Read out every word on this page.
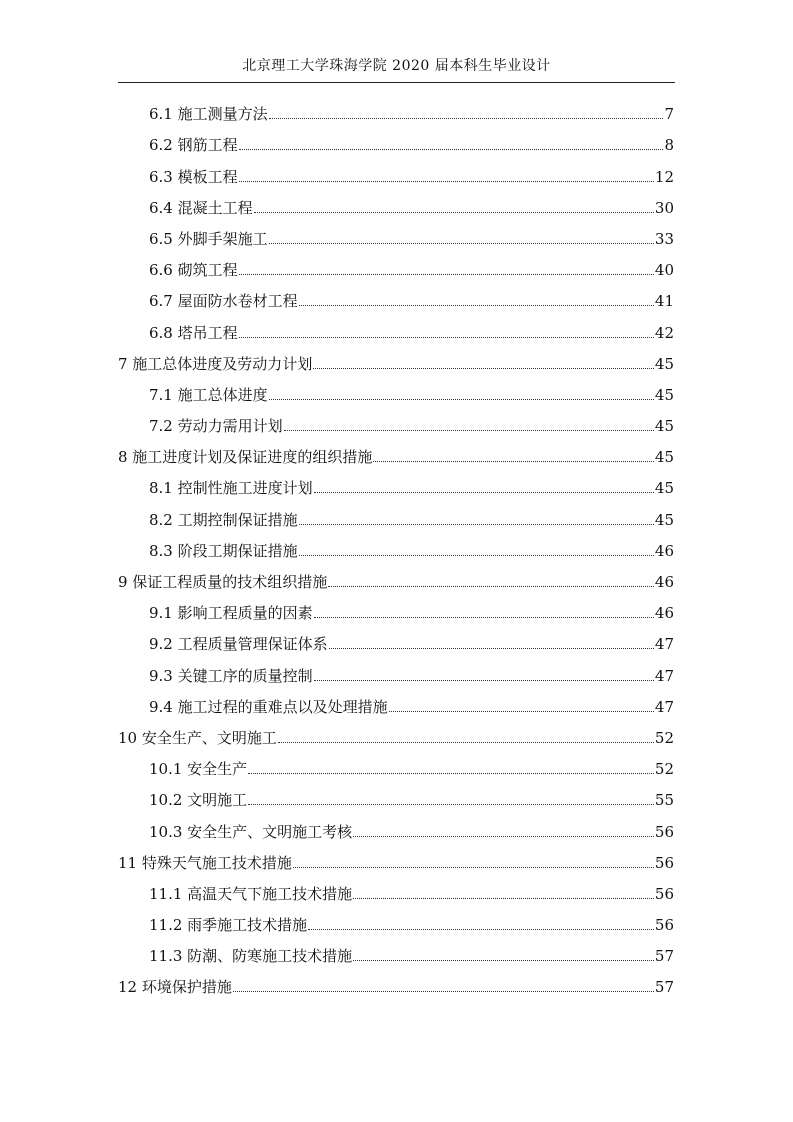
北京理工大学珠海学院 2020 届本科生毕业设计
6.1 施工测量方法	7
6.2 钢筋工程	8
6.3 模板工程	12
6.4 混凝土工程	30
6.5 外脚手架施工	33
6.6 砌筑工程	40
6.7 屋面防水卷材工程	41
6.8 塔吊工程	42
7 施工总体进度及劳动力计划	45
7.1 施工总体进度	45
7.2 劳动力需用计划	45
8 施工进度计划及保证进度的组织措施	45
8.1 控制性施工进度计划	45
8.2 工期控制保证措施	45
8.3 阶段工期保证措施	46
9 保证工程质量的技术组织措施	46
9.1 影响工程质量的因素	46
9.2 工程质量管理保证体系	47
9.3 关键工序的质量控制	47
9.4 施工过程的重难点以及处理措施	47
10 安全生产、文明施工	52
10.1 安全生产	52
10.2 文明施工	55
10.3 安全生产、文明施工考核	56
11 特殊天气施工技术措施	56
11.1 高温天气下施工技术措施	56
11.2 雨季施工技术措施	56
11.3 防潮、防寒施工技术措施	57
12 环境保护措施	57
